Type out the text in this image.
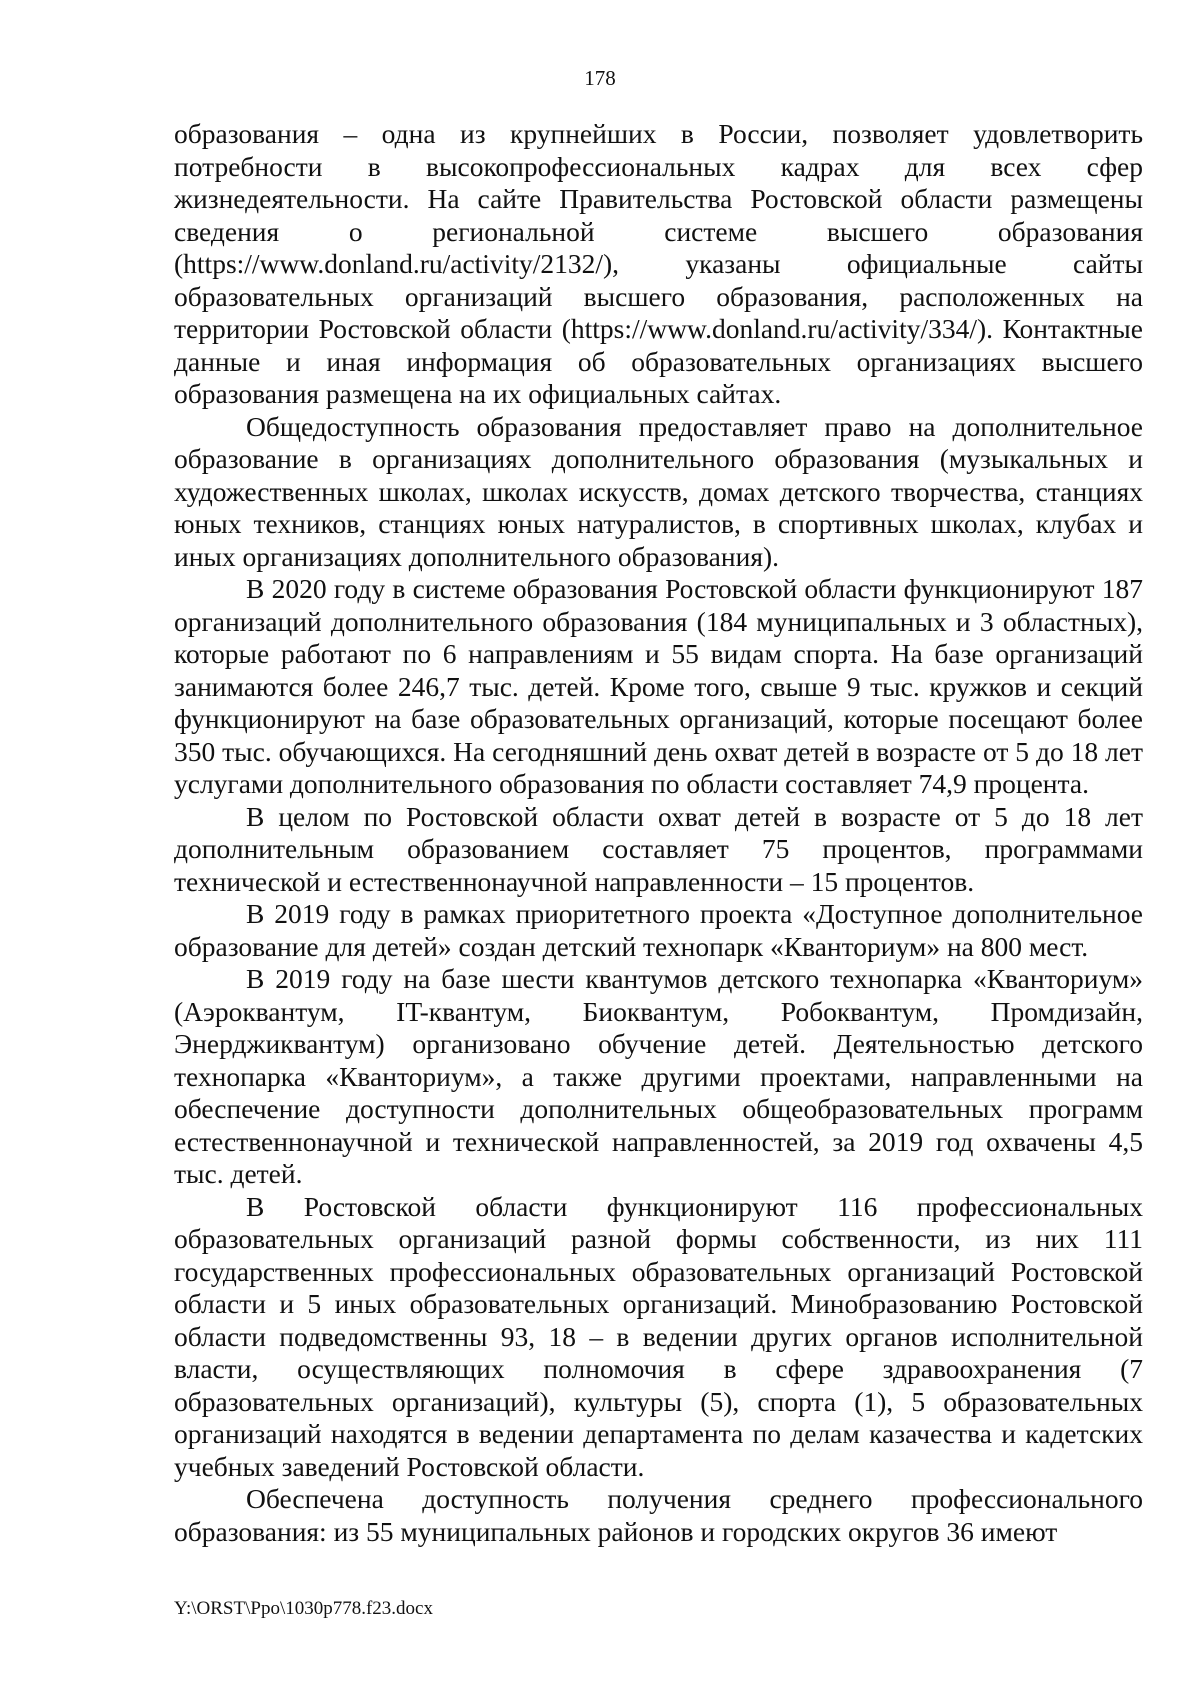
178

образования – одна из крупнейших в России, позволяет удовлетворить потребности в высокопрофессиональных кадрах для всех сфер жизнедеятельности. На сайте Правительства Ростовской области размещены сведения о региональной системе высшего образования (https://www.donland.ru/activity/2132/), указаны официальные сайты образовательных организаций высшего образования, расположенных на территории Ростовской области (https://www.donland.ru/activity/334/). Контактные данные и иная информация об образовательных организациях высшего образования размещена на их официальных сайтах.

Общедоступность образования предоставляет право на дополнительное образование в организациях дополнительного образования (музыкальных и художественных школах, школах искусств, домах детского творчества, станциях юных техников, станциях юных натуралистов, в спортивных школах, клубах и иных организациях дополнительного образования).

В 2020 году в системе образования Ростовской области функционируют 187 организаций дополнительного образования (184 муниципальных и 3 областных), которые работают по 6 направлениям и 55 видам спорта. На базе организаций занимаются более 246,7 тыс. детей. Кроме того, свыше 9 тыс. кружков и секций функционируют на базе образовательных организаций, которые посещают более 350 тыс. обучающихся. На сегодняшний день охват детей в возрасте от 5 до 18 лет услугами дополнительного образования по области составляет 74,9 процента.

В целом по Ростовской области охват детей в возрасте от 5 до 18 лет дополнительным образованием составляет 75 процентов, программами технической и естественнонаучной направленности – 15 процентов.

В 2019 году в рамках приоритетного проекта «Доступное дополнительное образование для детей» создан детский технопарк «Кванториум» на 800 мест.

В 2019 году на базе шести квантумов детского технопарка «Кванториум» (Аэроквантум, IT-квантум, Биоквантум, Робоквантум, Промдизайн, Энерджиквантум) организовано обучение детей. Деятельностью детского технопарка «Кванториум», а также другими проектами, направленными на обеспечение доступности дополнительных общеобразовательных программ естественнонаучной и технической направленностей, за 2019 год охвачены 4,5 тыс. детей.

В Ростовской области функционируют 116 профессиональных образовательных организаций разной формы собственности, из них 111 государственных профессиональных образовательных организаций Ростовской области и 5 иных образовательных организаций. Минобразованию Ростовской области подведомственны 93, 18 – в ведении других органов исполнительной власти, осуществляющих полномочия в сфере здравоохранения (7 образовательных организаций), культуры (5), спорта (1), 5 образовательных организаций находятся в ведении департамента по делам казачества и кадетских учебных заведений Ростовской области.

Обеспечена доступность получения среднего профессионального образования: из 55 муниципальных районов и городских округов 36 имеют

Y:\ORST\Ppo\1030p778.f23.docx
